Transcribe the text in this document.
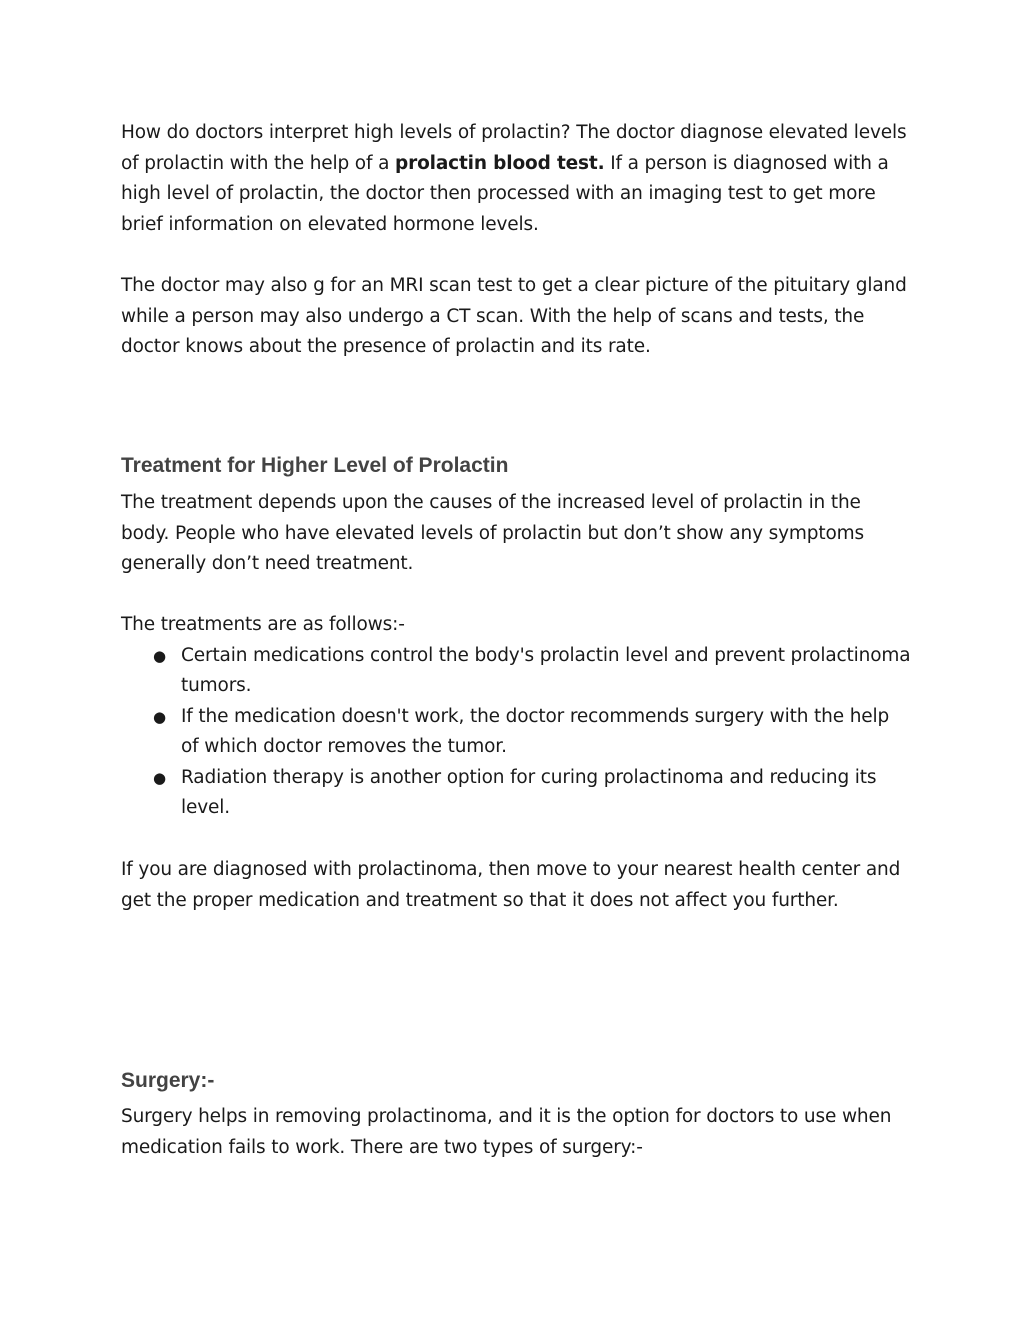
How do doctors interpret high levels of prolactin? The doctor diagnose elevated levels of prolactin with the help of a prolactin blood test. If a person is diagnosed with a high level of prolactin, the doctor then processed with an imaging test to get more brief information on elevated hormone levels.

The doctor may also g for an MRI scan test to get a clear picture of the pituitary gland while a person may also undergo a CT scan. With the help of scans and tests, the doctor knows about the presence of prolactin and its rate.

Treatment for Higher Level of Prolactin

The treatment depends upon the causes of the increased level of prolactin in the body. People who have elevated levels of prolactin but don’t show any symptoms generally don’t need treatment.

The treatments are as follows:-

● Certain medications control the body's prolactin level and prevent prolactinoma tumors.
● If the medication doesn't work, the doctor recommends surgery with the help of which doctor removes the tumor.
● Radiation therapy is another option for curing prolactinoma and reducing its level.

If you are diagnosed with prolactinoma, then move to your nearest health center and get the proper medication and treatment so that it does not affect you further.

Surgery:-

Surgery helps in removing prolactinoma, and it is the option for doctors to use when medication fails to work. There are two types of surgery:-
